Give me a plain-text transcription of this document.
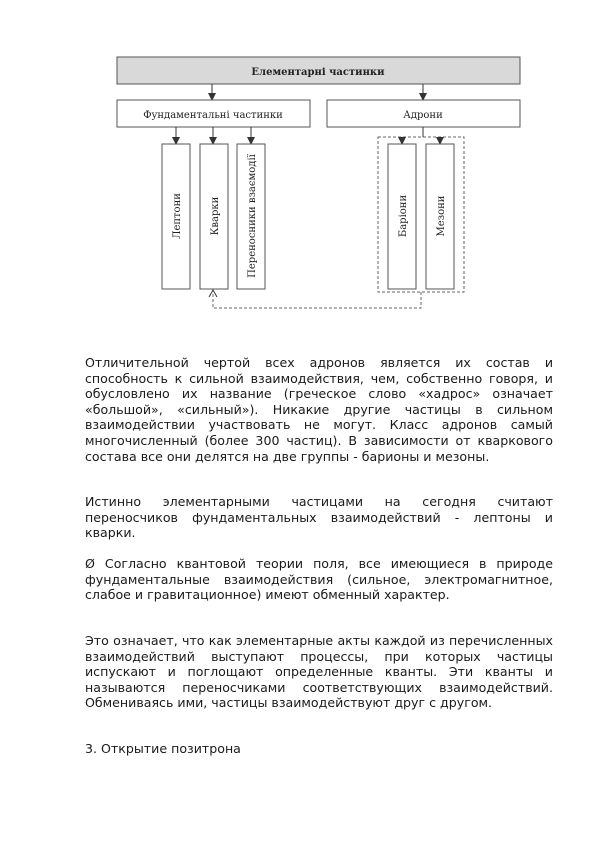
Елементарні частинки
Фундаментальні частинки	Адрони
Лептони	Кварки	Переносники взаємодії	Баріони	Мезони

Отличительной чертой всех адронов является их состав и способность к сильной взаимодействия, чем, собственно говоря, и обусловлено их название (греческое слово «хадрос» означает «большой», «сильный»). Никакие другие частицы в сильном взаимодействии участвовать не могут. Класс адронов самый многочисленный (более 300 частиц). В зависимости от кваркового состава все они делятся на две группы - барионы и мезоны.

Истинно элементарными частицами на сегодня считают переносчиков фундаментальных взаимодействий - лептоны и кварки.

Ø Согласно квантовой теории поля, все имеющиеся в природе фундаментальные взаимодействия (сильное, электромагнитное, слабое и гравитационное) имеют обменный характер.

Это означает, что как элементарные акты каждой из перечисленных взаимодействий выступают процессы, при которых частицы испускают и поглощают определенные кванты. Эти кванты и называются переносчиками соответствующих взаимодействий. Обмениваясь ими, частицы взаимодействуют друг с другом.

3. Открытие позитрона
